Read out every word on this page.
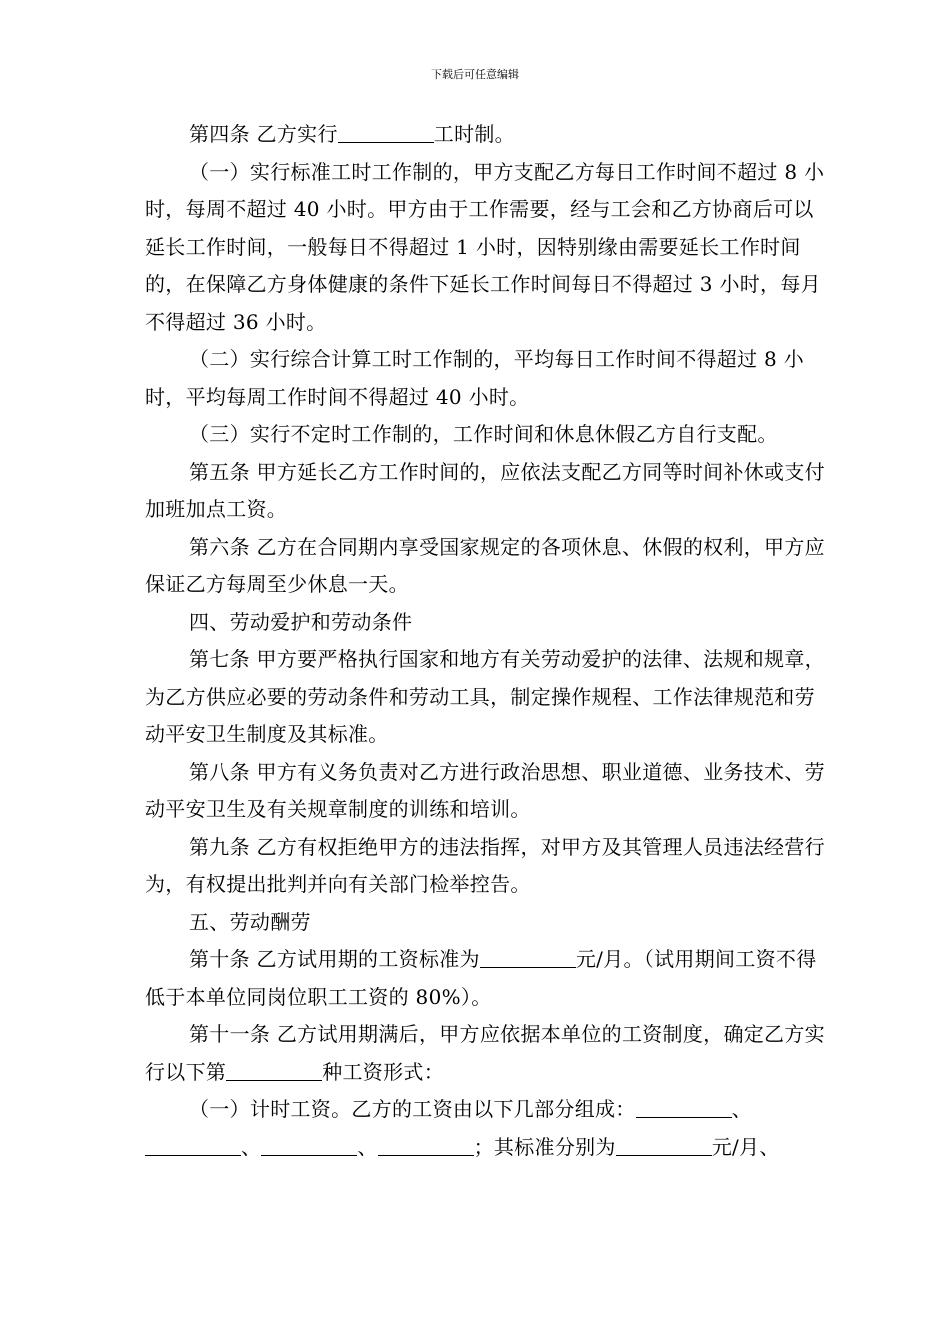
下载后可任意编辑

第四条 乙方实行	工时制。

（一）实行标准工时工作制的，甲方支配乙方每日工作时间不超过 8 小时，每周不超过 40 小时。甲方由于工作需要，经与工会和乙方协商后可以延长工作时间，一般每日不得超过 1 小时，因特别缘由需要延长工作时间的，在保障乙方身体健康的条件下延长工作时间每日不得超过 3 小时，每月不得超过 36 小时。

（二）实行综合计算工时工作制的，平均每日工作时间不得超过 8 小时，平均每周工作时间不得超过 40 小时。

（三）实行不定时工作制的，工作时间和休息休假乙方自行支配。

第五条 甲方延长乙方工作时间的，应依法支配乙方同等时间补休或支付加班加点工资。

第六条 乙方在合同期内享受国家规定的各项休息、休假的权利，甲方应保证乙方每周至少休息一天。

四、劳动爱护和劳动条件

第七条 甲方要严格执行国家和地方有关劳动爱护的法律、法规和规章，为乙方供应必要的劳动条件和劳动工具，制定操作规程、工作法律规范和劳动平安卫生制度及其标准。

第八条 甲方有义务负责对乙方进行政治思想、职业道德、业务技术、劳动平安卫生及有关规章制度的训练和培训。

第九条 乙方有权拒绝甲方的违法指挥，对甲方及其管理人员违法经营行为，有权提出批判并向有关部门检举控告。

五、劳动酬劳

第十条 乙方试用期的工资标准为	元/月。（试用期间工资不得低于本单位同岗位职工工资的 80%）。

第十一条 乙方试用期满后，甲方应依据本单位的工资制度，确定乙方实行以下第	种工资形式：

（一）计时工资。乙方的工资由以下几部分组成：	、、	、	；其标准分别为	元/月、
